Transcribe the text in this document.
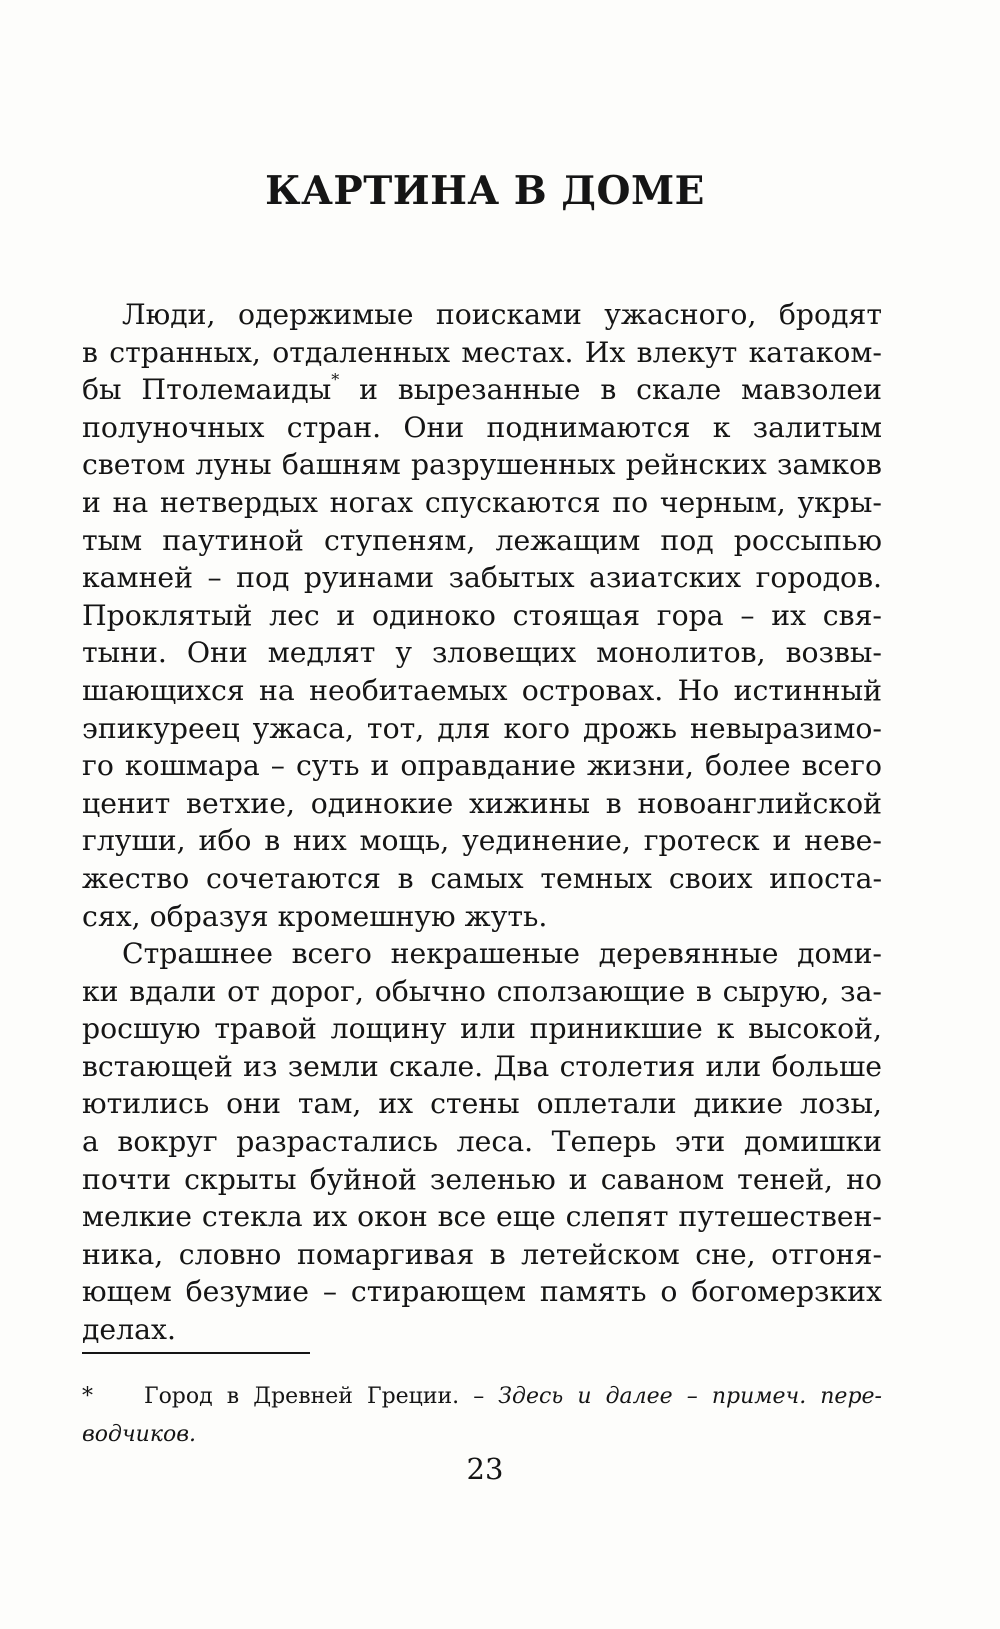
КАРТИНА В ДОМЕ
Люди, одержимые поисками ужасного, бродят
в странных, отдаленных местах. Их влекут катаком-
бы Птолемаиды* и вырезанные в скале мавзолеи
полуночных стран. Они поднимаются к залитым
светом луны башням разрушенных рейнских замков
и на нетвердых ногах спускаются по черным, укры-
тым паутиной ступеням, лежащим под россыпью
камней – под руинами забытых азиатских городов.
Проклятый лес и одиноко стоящая гора – их свя-
тыни. Они медлят у зловещих монолитов, возвы-
шающихся на необитаемых островах. Но истинный
эпикуреец ужаса, тот, для кого дрожь невыразимо-
го кошмара – суть и оправдание жизни, более всего
ценит ветхие, одинокие хижины в новоанглийской
глуши, ибо в них мощь, уединение, гротеск и неве-
жество сочетаются в самых темных своих ипоста-
сях, образуя кромешную жуть.
Страшнее всего некрашеные деревянные доми-
ки вдали от дорог, обычно сползающие в сырую, за-
росшую травой лощину или приникшие к высокой,
встающей из земли скале. Два столетия или больше
ютились они там, их стены оплетали дикие лозы,
а вокруг разрастались леса. Теперь эти домишки
почти скрыты буйной зеленью и саваном теней, но
мелкие стекла их окон все еще слепят путешествен-
ника, словно помаргивая в летейском сне, отгоня-
ющем безумие – стирающем память о богомерзких
делах.
* Город в Древней Греции. – Здесь и далее – примеч. пере-
водчиков.
23
